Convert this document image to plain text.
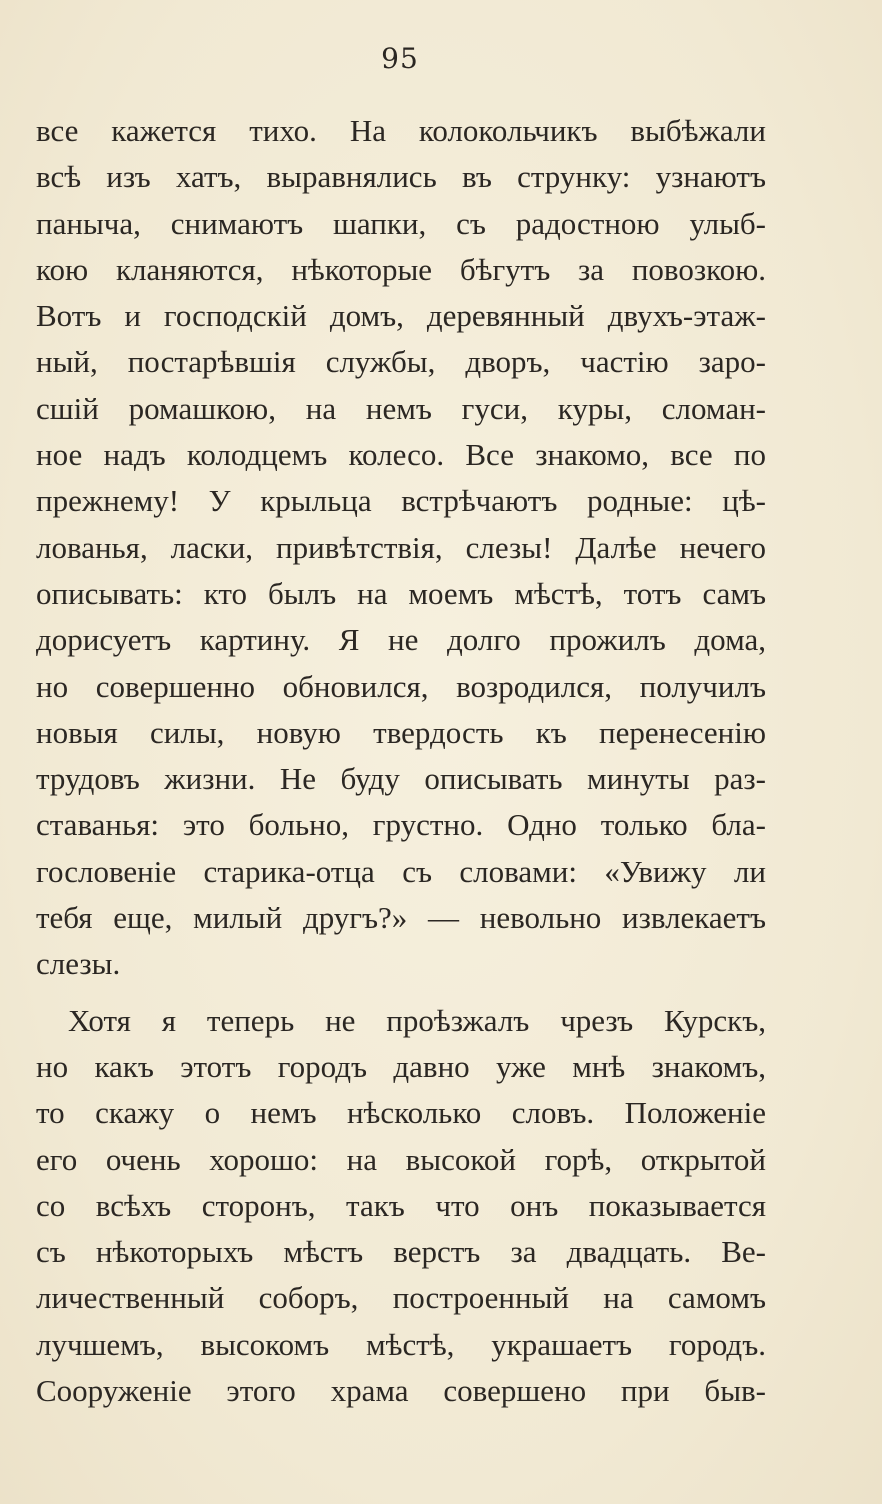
95
все кажется тихо. На колокольчикъ выбѣжали
всѣ изъ хатъ, выравнялись въ струнку: узнаютъ
паныча, снимаютъ шапки, съ радостною улыб-
кою кланяются, нѣкоторые бѣгутъ за повозкою.
Вотъ и господскій домъ, деревянный двухъ-этаж-
ный, постарѣвшія службы, дворъ, частію заро-
сшій ромашкою, на немъ гуси, куры, сломан-
ное надъ колодцемъ колесо. Все знакомо, все по
прежнему! У крыльца встрѣчаютъ родные: цѣ-
лованья, ласки, привѣтствія, слезы! Далѣе нечего
описывать: кто былъ на моемъ мѣстѣ, тотъ самъ
дорисуетъ картину. Я не долго прожилъ дома,
но совершенно обновился, возродился, получилъ
новыя силы, новую твердость къ перенесенію
трудовъ жизни. Не буду описывать минуты раз-
ставанья: это больно, грустно. Одно только бла-
гословеніе старика-отца съ словами: «Увижу ли
тебя еще, милый другъ?» — невольно извлекаетъ
слезы.
Хотя я теперь не проѣзжалъ чрезъ Курскъ,
но какъ этотъ городъ давно уже мнѣ знакомъ,
то скажу о немъ нѣсколько словъ. Положеніе
его очень хорошо: на высокой горѣ, открытой
со всѣхъ сторонъ, такъ что онъ показывается
съ нѣкоторыхъ мѣстъ верстъ за двадцать. Ве-
личественный соборъ, построенный на самомъ
лучшемъ, высокомъ мѣстѣ, украшаетъ городъ.
Сооруженіе этого храма совершено при быв-
